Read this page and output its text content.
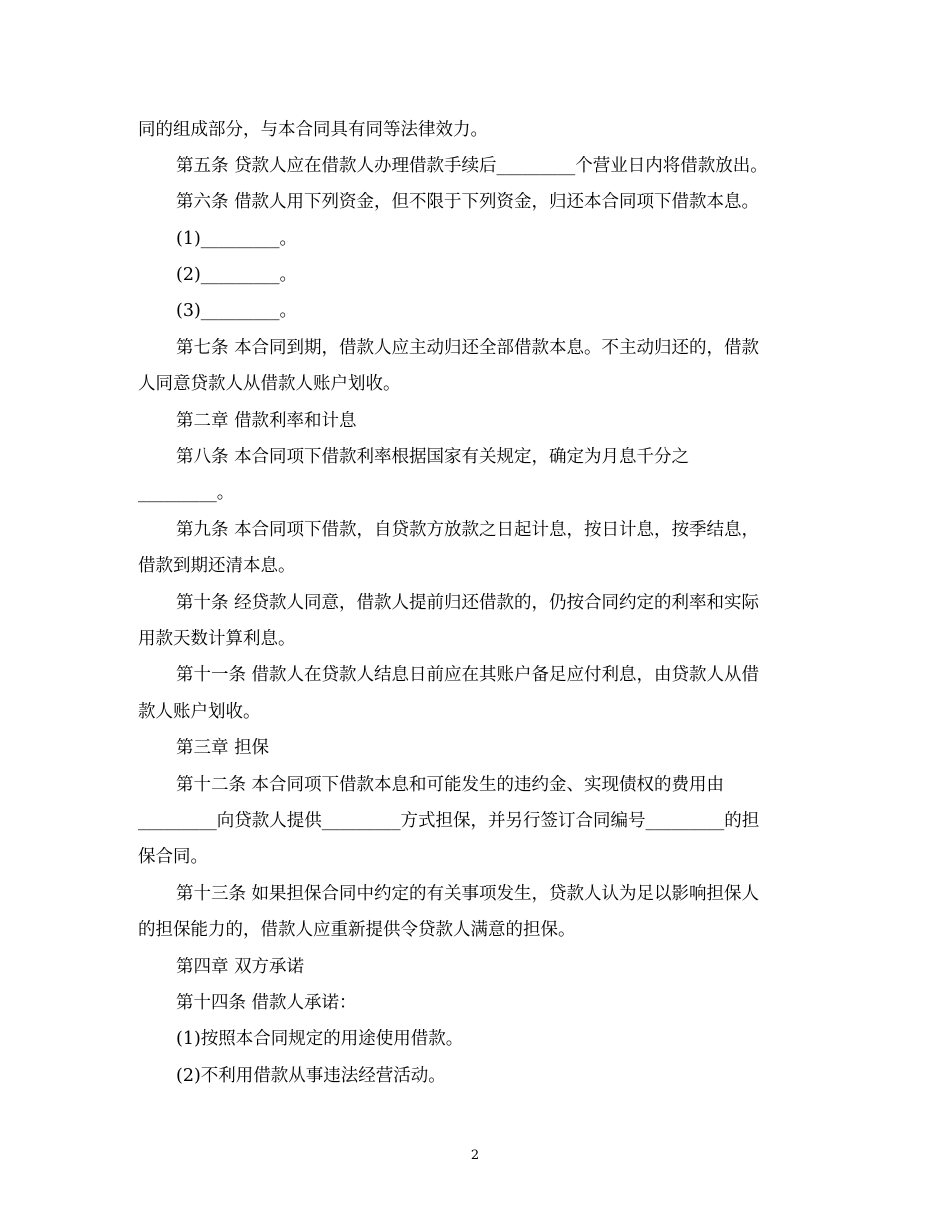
同的组成部分，与本合同具有同等法律效力。
第五条 贷款人应在借款人办理借款手续后_________个营业日内将借款放出。
第六条 借款人用下列资金，但不限于下列资金，归还本合同项下借款本息。
(1)_________。
(2)_________。
(3)_________。
第七条 本合同到期，借款人应主动归还全部借款本息。不主动归还的，借款
人同意贷款人从借款人账户划收。
第二章 借款利率和计息
第八条 本合同项下借款利率根据国家有关规定，确定为月息千分之
_________。
第九条 本合同项下借款，自贷款方放款之日起计息，按日计息，按季结息，
借款到期还清本息。
第十条 经贷款人同意，借款人提前归还借款的，仍按合同约定的利率和实际
用款天数计算利息。
第十一条 借款人在贷款人结息日前应在其账户备足应付利息，由贷款人从借
款人账户划收。
第三章 担保
第十二条 本合同项下借款本息和可能发生的违约金、实现债权的费用由
_________向贷款人提供_________方式担保，并另行签订合同编号_________的担
保合同。
第十三条 如果担保合同中约定的有关事项发生，贷款人认为足以影响担保人
的担保能力的，借款人应重新提供令贷款人满意的担保。
第四章 双方承诺
第十四条 借款人承诺：
(1)按照本合同规定的用途使用借款。
(2)不利用借款从事违法经营活动。
2
